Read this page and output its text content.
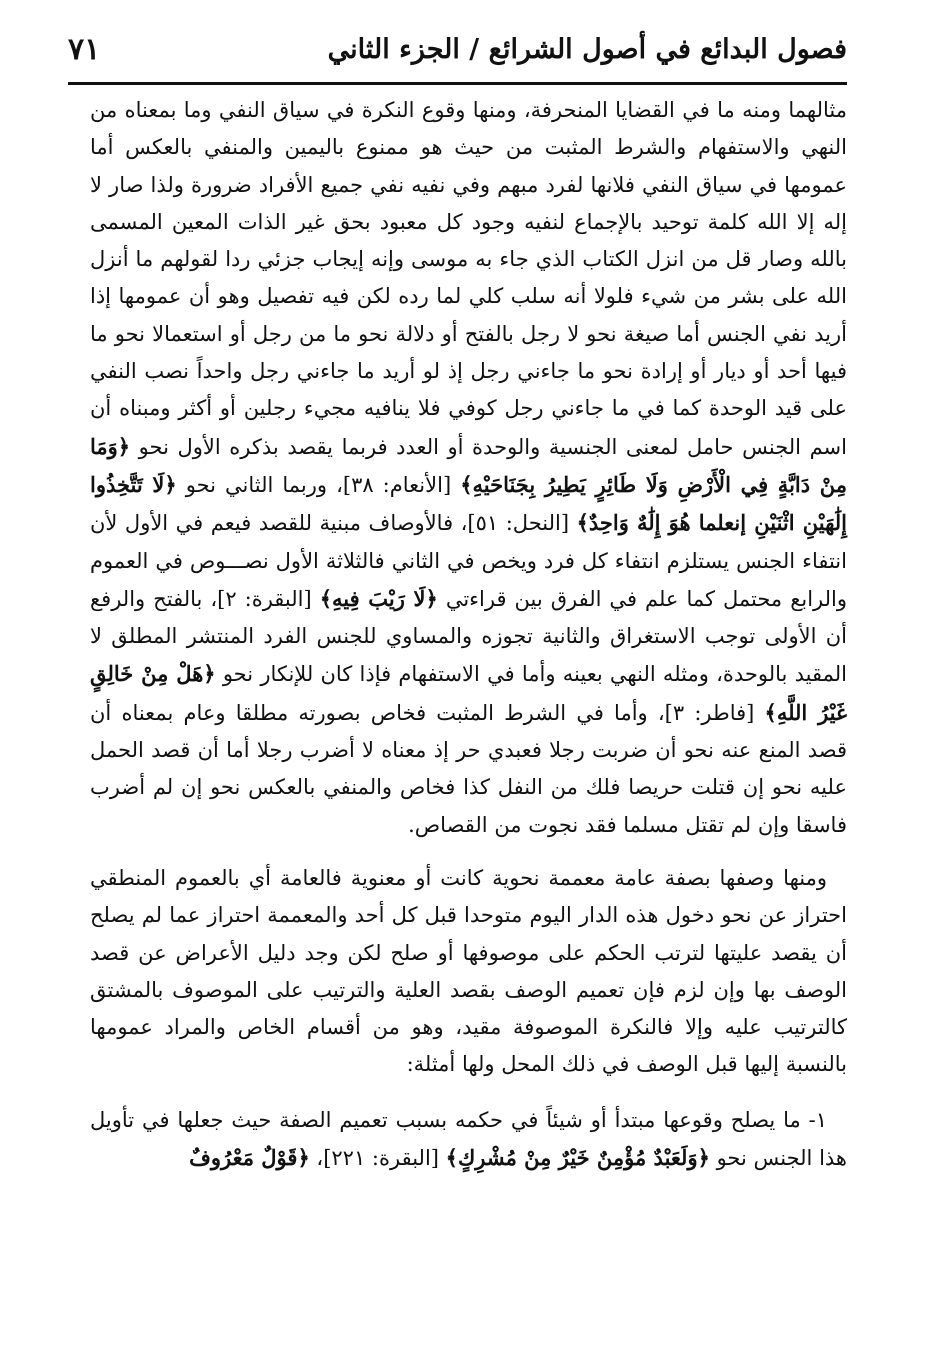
فصول البدائع في أصول الشرائع / الجزء الثاني
٧١

مثالهما ومنه ما في القضايا المنحرفة، ومنها وقوع النكرة في سياق النفي وما بمعناه من النهي والاستفهام والشرط المثبت من حيث هو ممنوع باليمين والمنفي بالعكس أما عمومها في سياق النفي فلانها لفرد مبهم وفي نفيه نفي جميع الأفراد ضرورة ولذا صار لا إله إلا الله كلمة توحيد بالإجماع لنفيه وجود كل معبود بحق غير الذات المعين المسمى بالله وصار قل من انزل الكتاب الذي جاء به موسى وإنه إيجاب جزئي ردا لقولهم ما أنزل الله على بشر من شيء فلولا أنه سلب كلي لما رده لكن فيه تفصيل وهو أن عمومها إذا أريد نفي الجنس أما صيغة نحو لا رجل بالفتح أو دلالة نحو ما من رجل أو استعمالا نحو ما فيها أحد أو ديار أو إرادة نحو ما جاءني رجل إذ لو أريد ما جاءني رجل واحداً نصب النفي على قيد الوحدة كما في ما جاءني رجل كوفي فلا ينافيه مجيء رجلين أو أكثر ومبناه أن اسم الجنس حامل لمعنى الجنسية والوحدة أو العدد فربما يقصد بذكره الأول نحو ﴿وَمَا مِنْ دَابَّةٍ فِي الْأَرْضِ وَلَا طَائِرٍ يَطِيرُ بِجَنَاحَيْهِ﴾ [الأنعام: ٣٨]، وربما الثاني نحو ﴿لَا تَتَّخِذُوا إِلَٰهَيْنِ اثْنَيْنِ إنعلما هُوَ إِلَٰهٌ وَاحِدٌ﴾ [النحل: ٥١]، فالأوصاف مبنية للقصد فيعم في الأول لأن انتفاء الجنس يستلزم انتفاء كل فرد ويخص في الثاني فالثلاثة الأول نصـــوص في العموم والرابع محتمل كما علم في الفرق بين قراءتي ﴿لَا رَيْبَ فِيهِ﴾ [البقرة: ٢]، بالفتح والرفع أن الأولى توجب الاستغراق والثانية تجوزه والمساوي للجنس الفرد المنتشر المطلق لا المقيد بالوحدة، ومثله النهي بعينه وأما في الاستفهام فإذا كان للإنكار نحو ﴿هَلْ مِنْ خَالِقٍ غَيْرُ اللَّهِ﴾ [فاطر: ٣]، وأما في الشرط المثبت فخاص بصورته مطلقا وعام بمعناه أن قصد المنع عنه نحو أن ضربت رجلا فعبدي حر إذ معناه لا أضرب رجلا أما أن قصد الحمل عليه نحو إن قتلت حريصا فلك من النفل كذا فخاص والمنفي بالعكس نحو إن لم أضرب فاسقا وإن لم تقتل مسلما فقد نجوت من القصاص.

ومنها وصفها بصفة عامة معممة نحوية كانت أو معنوية فالعامة أي بالعموم المنطقي احتراز عن نحو دخول هذه الدار اليوم متوحدا قبل كل أحد والمعممة احتراز عما لم يصلح أن يقصد عليتها لترتب الحكم على موصوفها أو صلح لكن وجد دليل الأعراض عن قصد الوصف بها وإن لزم فإن تعميم الوصف بقصد العلية والترتيب على الموصوف بالمشتق كالترتيب عليه وإلا فالنكرة الموصوفة مقيد، وهو من أقسام الخاص والمراد عمومها بالنسبة إليها قبل الوصف في ذلك المحل ولها أمثلة:

١- ما يصلح وقوعها مبتدأ أو شيئاً في حكمه بسبب تعميم الصفة حيث جعلها في تأويل هذا الجنس نحو ﴿وَلَعَبْدٌ مُؤْمِنٌ خَيْرٌ مِنْ مُشْرِكٍ﴾ [البقرة: ٢٢١]، ﴿قَوْلٌ مَعْرُوفٌ
